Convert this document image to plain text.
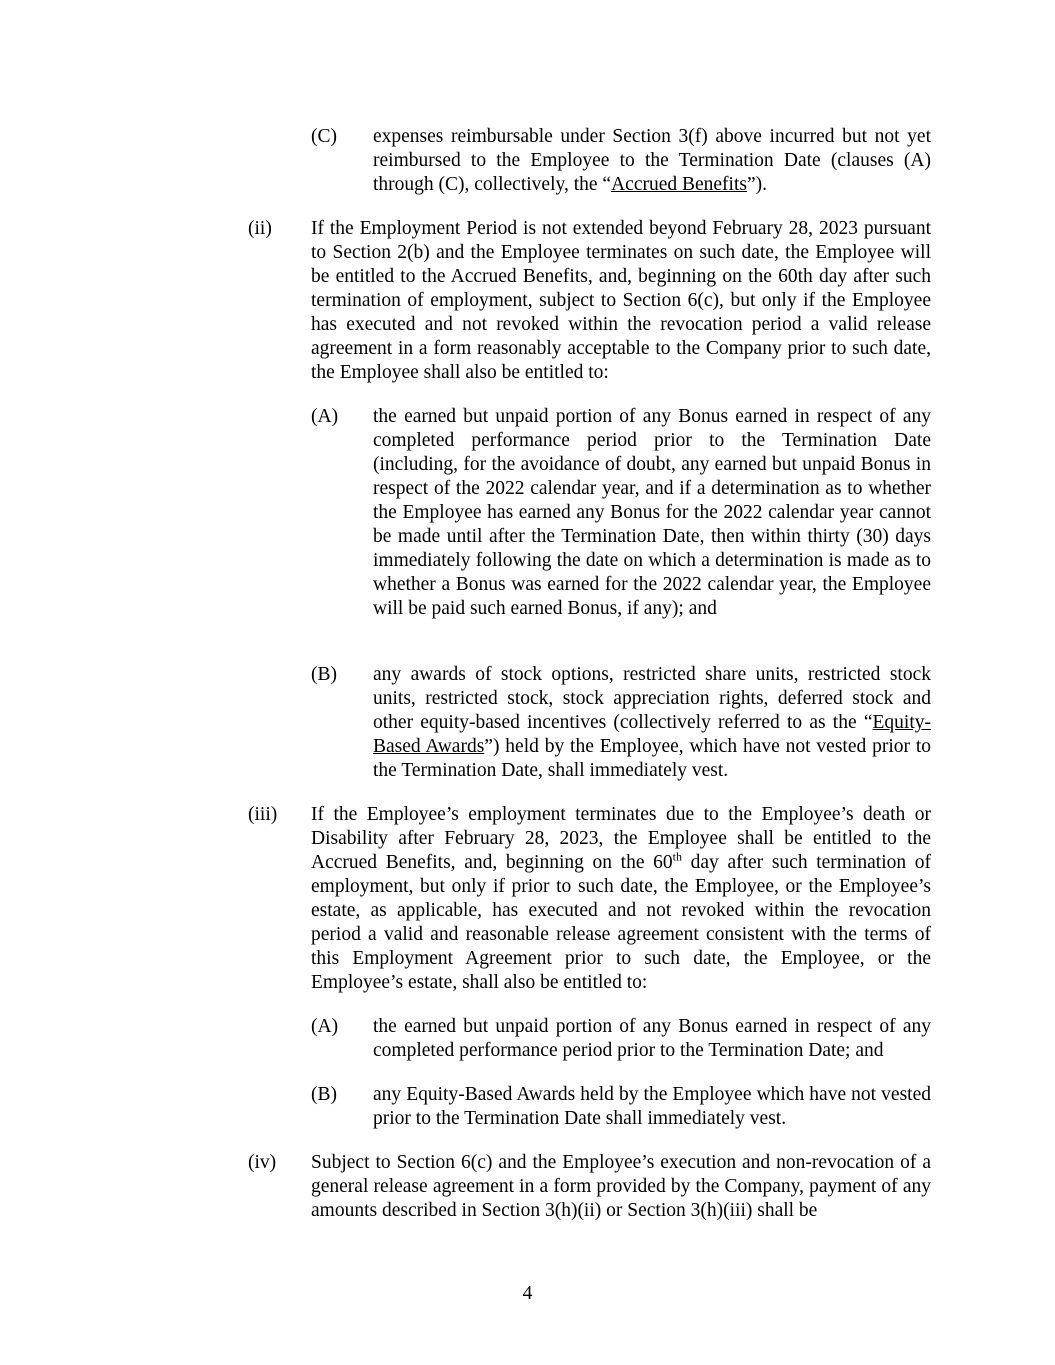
(C) expenses reimbursable under Section 3(f) above incurred but not yet reimbursed to the Employee to the Termination Date (clauses (A) through (C), collectively, the “Accrued Benefits”).
(ii) If the Employment Period is not extended beyond February 28, 2023 pursuant to Section 2(b) and the Employee terminates on such date, the Employee will be entitled to the Accrued Benefits, and, beginning on the 60th day after such termination of employment, subject to Section 6(c), but only if the Employee has executed and not revoked within the revocation period a valid release agreement in a form reasonably acceptable to the Company prior to such date, the Employee shall also be entitled to:
(A) the earned but unpaid portion of any Bonus earned in respect of any completed performance period prior to the Termination Date (including, for the avoidance of doubt, any earned but unpaid Bonus in respect of the 2022 calendar year, and if a determination as to whether the Employee has earned any Bonus for the 2022 calendar year cannot be made until after the Termination Date, then within thirty (30) days immediately following the date on which a determination is made as to whether a Bonus was earned for the 2022 calendar year, the Employee will be paid such earned Bonus, if any); and
(B) any awards of stock options, restricted share units, restricted stock units, restricted stock, stock appreciation rights, deferred stock and other equity-based incentives (collectively referred to as the “Equity-Based Awards”) held by the Employee, which have not vested prior to the Termination Date, shall immediately vest.
(iii) If the Employee’s employment terminates due to the Employee’s death or Disability after February 28, 2023, the Employee shall be entitled to the Accrued Benefits, and, beginning on the 60th day after such termination of employment, but only if prior to such date, the Employee, or the Employee’s estate, as applicable, has executed and not revoked within the revocation period a valid and reasonable release agreement consistent with the terms of this Employment Agreement prior to such date, the Employee, or the Employee’s estate, shall also be entitled to:
(A) the earned but unpaid portion of any Bonus earned in respect of any completed performance period prior to the Termination Date; and
(B) any Equity-Based Awards held by the Employee which have not vested prior to the Termination Date shall immediately vest.
(iv) Subject to Section 6(c) and the Employee’s execution and non-revocation of a general release agreement in a form provided by the Company, payment of any amounts described in Section 3(h)(ii) or Section 3(h)(iii) shall be
4
